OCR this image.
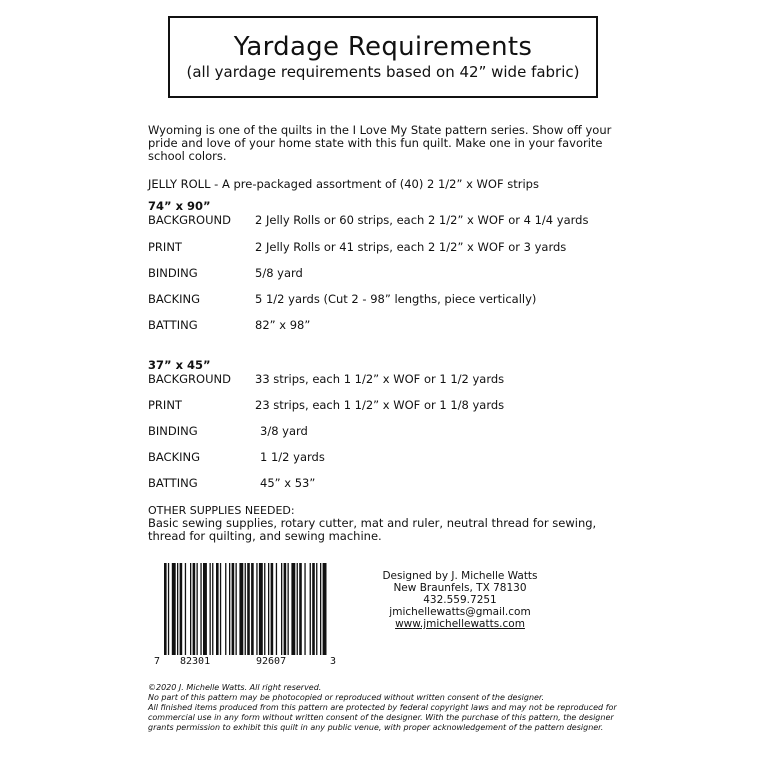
Yardage Requirements
(all yardage requirements based on 42” wide fabric)
Wyoming is one of the quilts in the I Love My State pattern series. Show off your pride and love of your home state with this fun quilt. Make one in your favorite school colors.
JELLY ROLL - A pre-packaged assortment of (40) 2 1/2” x WOF strips
74” x 90”
BACKGROUND 2 Jelly Rolls or 60 strips, each 2 1/2” x WOF or 4 1/4 yards
PRINT	2 Jelly Rolls or 41 strips, each 2 1/2” x WOF or 3 yards
BINDING	5/8 yard
BACKING	5 1/2 yards (Cut 2 - 98” lengths, piece vertically)
BATTING	82” x 98”
37” x 45”
BACKGROUND 33 strips, each 1 1/2” x WOF or 1 1/2 yards
PRINT	23 strips, each 1 1/2” x WOF or 1 1/8 yards
BINDING	3/8 yard
BACKING	1 1/2 yards
BATTING	45” x 53”
OTHER SUPPLIES NEEDED:
Basic sewing supplies, rotary cutter, mat and ruler, neutral thread for sewing, thread for quilting, and sewing machine.
7 82301	92607	3
Designed by J. Michelle Watts
New Braunfels, TX 78130
432.559.7251
jmichellewatts@gmail.com
www.jmichellewatts.com
©2020 J. Michelle Watts. All right reserved.
No part of this pattern may be photocopied or reproduced without written consent of the designer.
All finished items produced from this pattern are protected by federal copyright laws and may not be reproduced for commercial use in any form without written consent of the designer. With the purchase of this pattern, the designer grants permission to exhibit this quilt in any public venue, with proper acknowledgement of the pattern designer.
